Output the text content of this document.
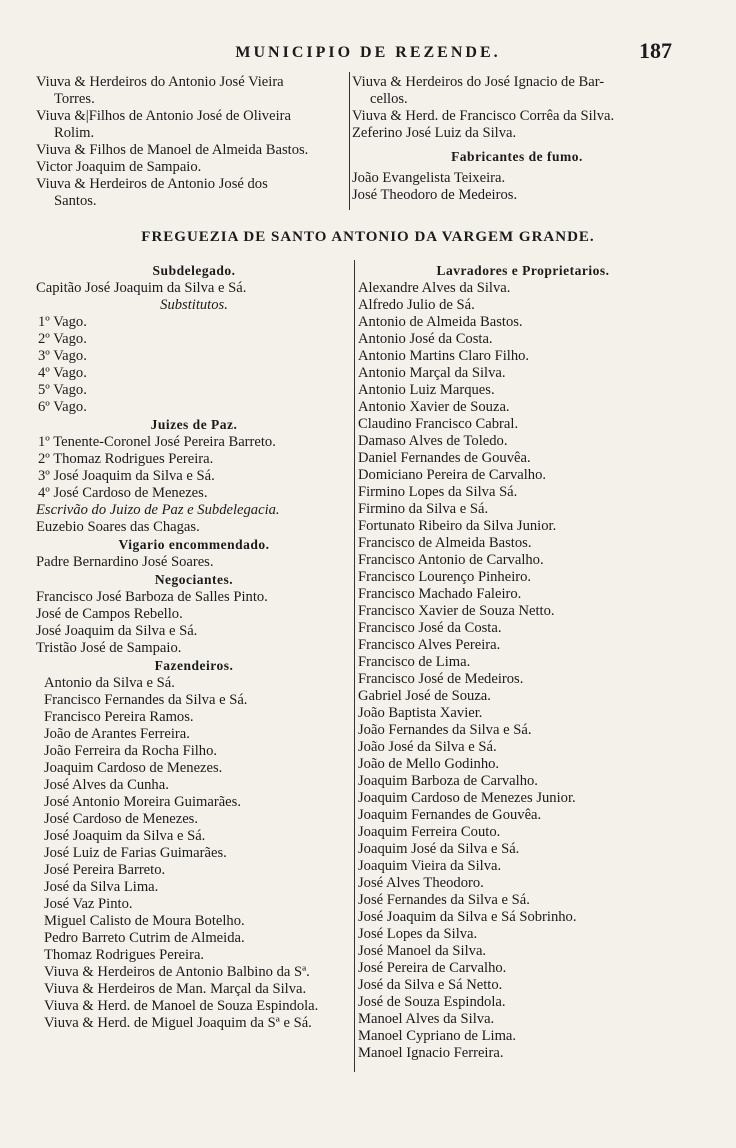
MUNICIPIO DE REZENDE.	187
Viuva & Herdeiros do Antonio José Vieira
Torres.
Viuva &|Filhos de Antonio José de Oliveira
Rolim.
Viuva & Filhos de Manoel de Almeida Bastos.
Victor Joaquim de Sampaio.
Viuva & Herdeiros de Antonio José dos
Santos.
Viuva & Herdeiros do José Ignacio de Bar-
cellos.
Viuva & Herd. de Francisco Corrêa da Silva.
Zeferino José Luiz da Silva.
Fabricantes de fumo.
João Evangelista Teixeira.
José Theodoro de Medeiros.
FREGUEZIA DE SANTO ANTONIO DA VARGEM GRANDE.
Subdelegado.
Capitão José Joaquim da Silva e Sá.
Substitutos.
1º Vago.
2º Vago.
3º Vago.
4º Vago.
5º Vago.
6º Vago.
Juizes de Paz.
1º Tenente-Coronel José Pereira Barreto.
2º Thomaz Rodrigues Pereira.
3º José Joaquim da Silva e Sá.
4º José Cardoso de Menezes.
Escrivão do Juizo de Paz e Subdelegacia.
Euzebio Soares das Chagas.
Vigario encommendado.
Padre Bernardino José Soares.
Negociantes.
Francisco José Barboza de Salles Pinto.
José de Campos Rebello.
José Joaquim da Silva e Sá.
Tristão José de Sampaio.
Fazendeiros.
Antonio da Silva e Sá.
Francisco Fernandes da Silva e Sá.
Francisco Pereira Ramos.
João de Arantes Ferreira.
João Ferreira da Rocha Filho.
Joaquim Cardoso de Menezes.
José Alves da Cunha.
José Antonio Moreira Guimarães.
José Cardoso de Menezes.
José Joaquim da Silva e Sá.
José Luiz de Farias Guimarães.
José Pereira Barreto.
José da Silva Lima.
José Vaz Pinto.
Miguel Calisto de Moura Botelho.
Pedro Barreto Cutrim de Almeida.
Thomaz Rodrigues Pereira.
Viuva & Herdeiros de Antonio Balbino da Sª.
Viuva & Herdeiros de Man. Marçal da Silva.
Viuva & Herd. de Manoel de Souza Espindola.
Viuva & Herd. de Miguel Joaquim da Sª e Sá.
Lavradores e Proprietarios.
Alexandre Alves da Silva.
Alfredo Julio de Sá.
Antonio de Almeida Bastos.
Antonio José da Costa.
Antonio Martins Claro Filho.
Antonio Marçal da Silva.
Antonio Luiz Marques.
Antonio Xavier de Souza.
Claudino Francisco Cabral.
Damaso Alves de Toledo.
Daniel Fernandes de Gouvêa.
Domiciano Pereira de Carvalho.
Firmino Lopes da Silva Sá.
Firmino da Silva e Sá.
Fortunato Ribeiro da Silva Junior.
Francisco de Almeida Bastos.
Francisco Antonio de Carvalho.
Francisco Lourenço Pinheiro.
Francisco Machado Faleiro.
Francisco Xavier de Souza Netto.
Francisco José da Costa.
Francisco Alves Pereira.
Francisco de Lima.
Francisco José de Medeiros.
Gabriel José de Souza.
João Baptista Xavier.
João Fernandes da Silva e Sá.
João José da Silva e Sá.
João de Mello Godinho.
Joaquim Barboza de Carvalho.
Joaquim Cardoso de Menezes Junior.
Joaquim Fernandes de Gouvêa.
Joaquim Ferreira Couto.
Joaquim José da Silva e Sá.
Joaquim Vieira da Silva.
José Alves Theodoro.
José Fernandes da Silva e Sá.
José Joaquim da Silva e Sá Sobrinho.
José Lopes da Silva.
José Manoel da Silva.
José Pereira de Carvalho.
José da Silva e Sá Netto.
José de Souza Espindola.
Manoel Alves da Silva.
Manoel Cypriano de Lima.
Manoel Ignacio Ferreira.
